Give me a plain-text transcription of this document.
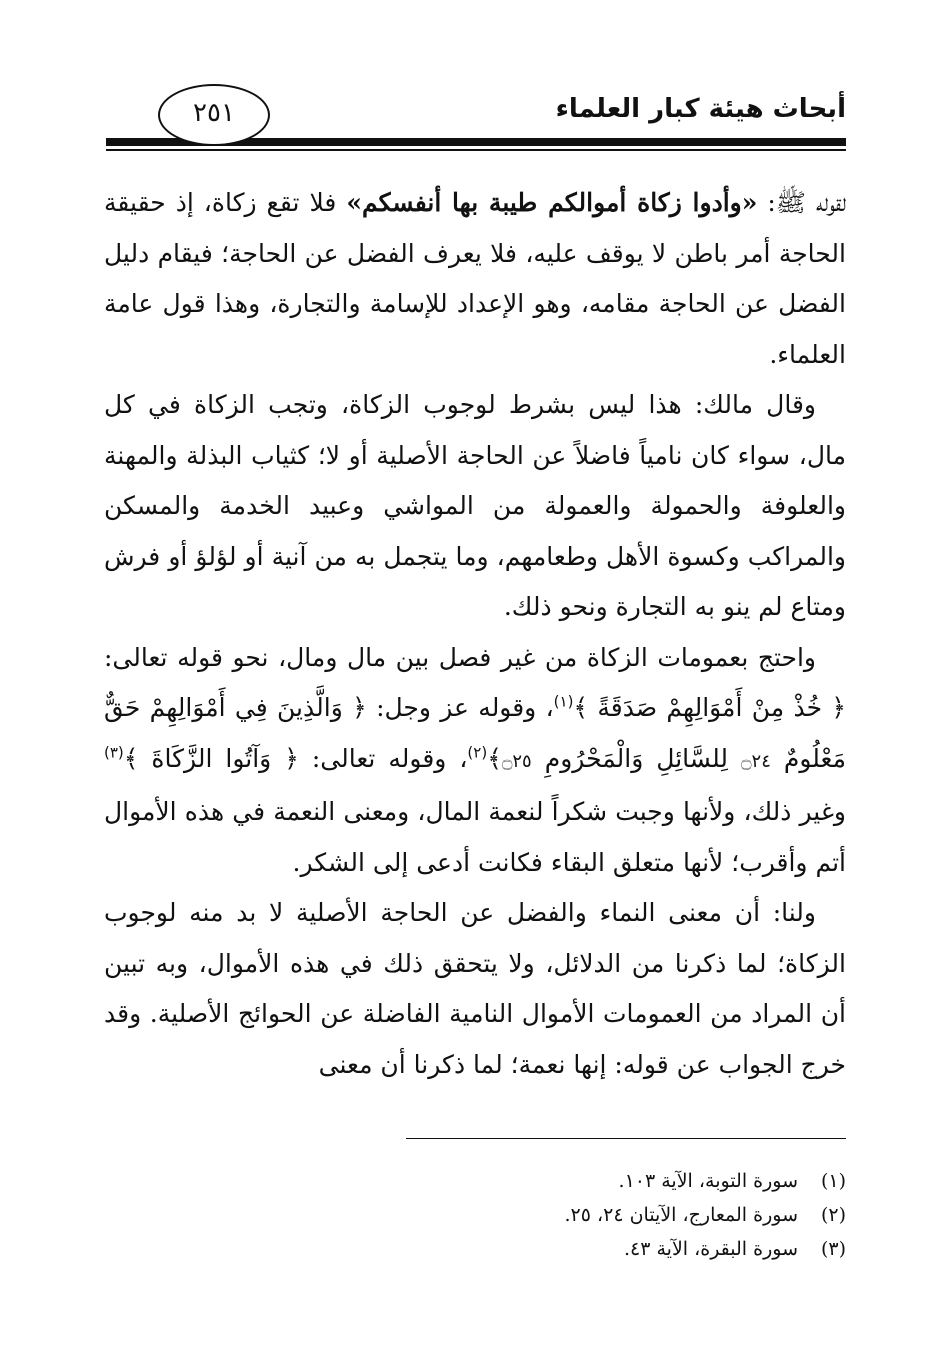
أبحاث هيئة كبار العلماء
٢٥١

لقوله ﷺ: «وأدوا زكاة أموالكم طيبة بها أنفسكم» فلا تقع زكاة، إذ حقيقة الحاجة أمر باطن لا يوقف عليه، فلا يعرف الفضل عن الحاجة؛ فيقام دليل الفضل عن الحاجة مقامه، وهو الإعداد للإسامة والتجارة، وهذا قول عامة العلماء.

وقال مالك: هذا ليس بشرط لوجوب الزكاة، وتجب الزكاة في كل مال، سواء كان نامياً فاضلاً عن الحاجة الأصلية أو لا؛ كثياب البذلة والمهنة والعلوفة والحمولة والعمولة من المواشي وعبيد الخدمة والمسكن والمراكب وكسوة الأهل وطعامهم، وما يتجمل به من آنية أو لؤلؤ أو فرش ومتاع لم ينو به التجارة ونحو ذلك.

واحتج بعمومات الزكاة من غير فصل بين مال ومال، نحو قوله تعالى: ﴿ خُذْ مِنْ أَمْوَالِهِمْ صَدَقَةً ﴾$^{(١)}$، وقوله عز وجل: ﴿ وَالَّذِينَ فِي أَمْوَالِهِمْ حَقٌّ مَعْلُومٌ ۝٢٤ لِلسَّائِلِ وَالْمَحْرُومِ ۝٢٥﴾$^{(٢)}$، وقوله تعالى: ﴿ وَآتُوا الزَّكَاةَ ﴾$^{(٣)}$ وغير ذلك، ولأنها وجبت شكراً لنعمة المال، ومعنى النعمة في هذه الأموال أتم وأقرب؛ لأنها متعلق البقاء فكانت أدعى إلى الشكر.

ولنا: أن معنى النماء والفضل عن الحاجة الأصلية لا بد منه لوجوب الزكاة؛ لما ذكرنا من الدلائل، ولا يتحقق ذلك في هذه الأموال، وبه تبين أن المراد من العمومات الأموال النامية الفاضلة عن الحوائج الأصلية. وقد خرج الجواب عن قوله: إنها نعمة؛ لما ذكرنا أن معنى

(١)سورة التوبة، الآية ١٠٣.
(٢)سورة المعارج، الآيتان ٢٤، ٢٥.
(٣)سورة البقرة، الآية ٤٣.
